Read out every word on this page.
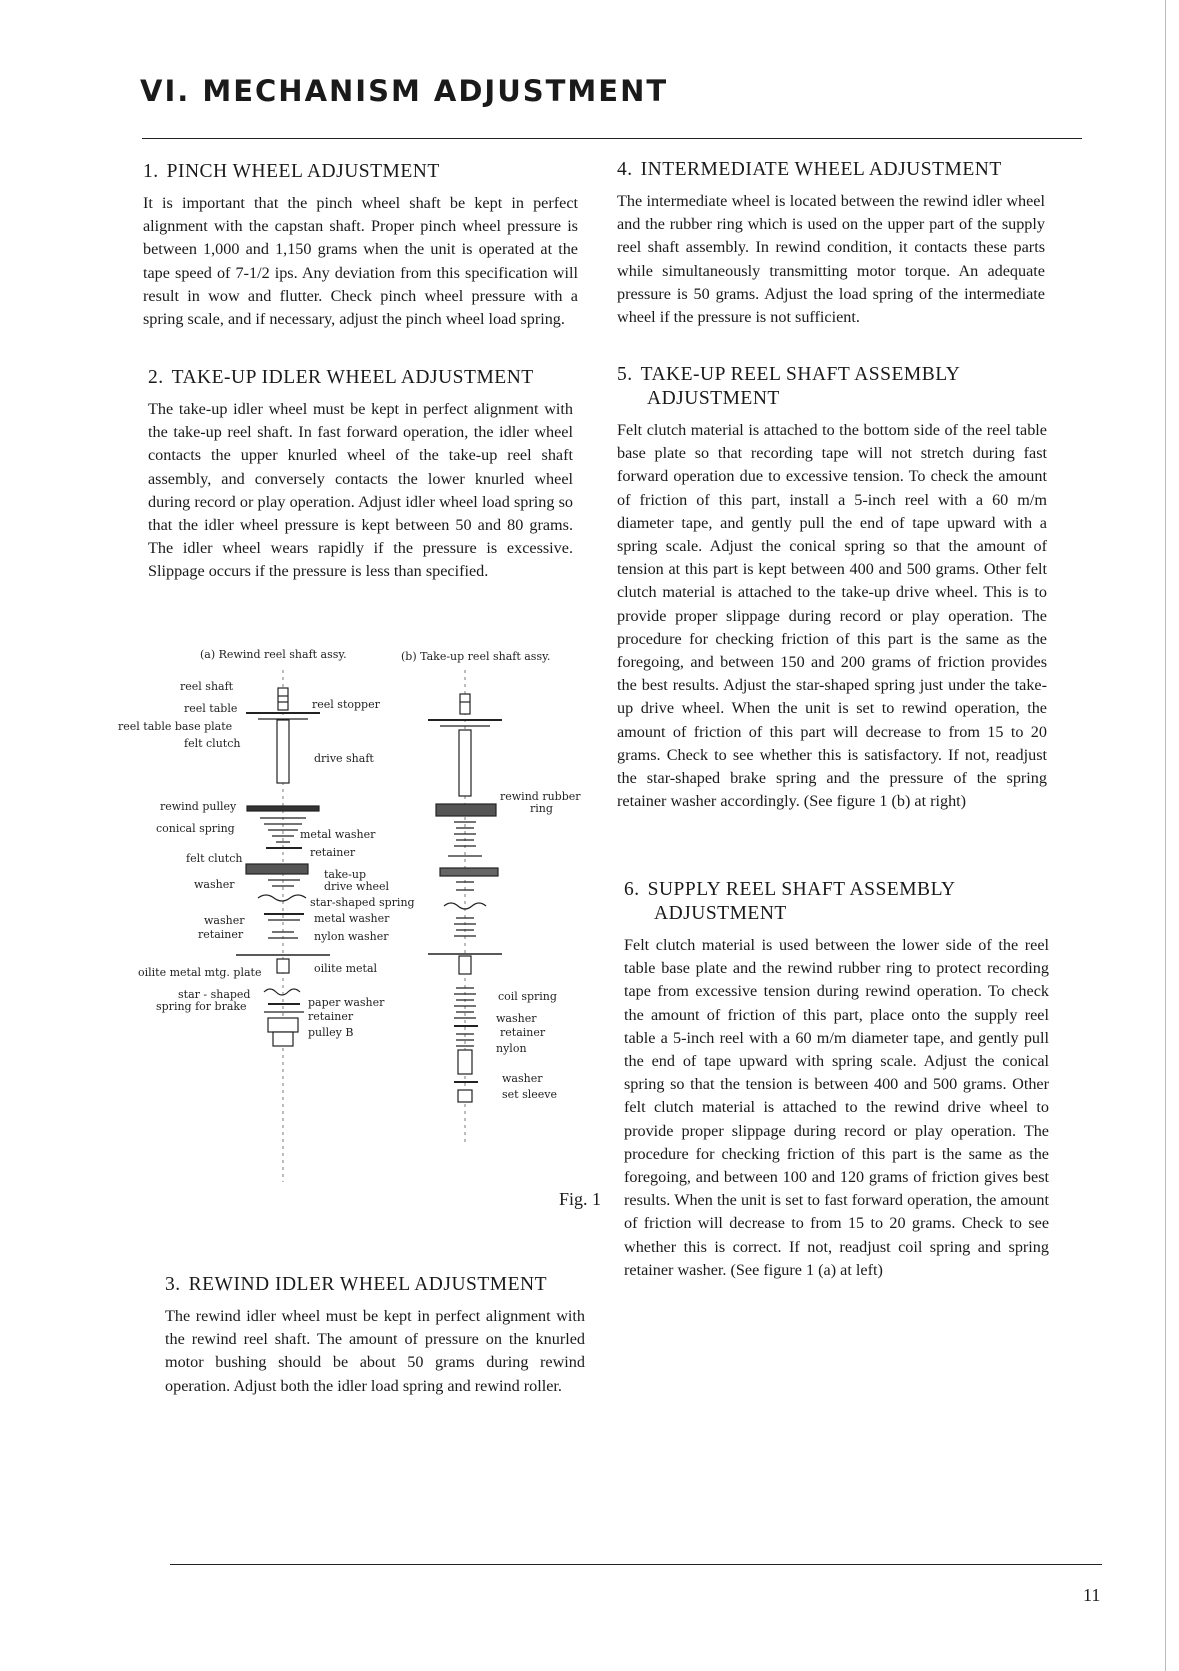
VI. MECHANISM ADJUSTMENT
1. PINCH WHEEL ADJUSTMENT

It is important that the pinch wheel shaft be kept in perfect alignment with the capstan shaft. Proper pinch wheel pressure is between 1,000 and 1,150 grams when the unit is operated at the tape speed of 7-1/2 ips. Any deviation from this specification will result in wow and flutter. Check pinch wheel pressure with a spring scale, and if necessary, adjust the pinch wheel load spring.

2. TAKE-UP IDLER WHEEL ADJUSTMENT

The take-up idler wheel must be kept in perfect alignment with the take-up reel shaft. In fast forward operation, the idler wheel contacts the upper knurled wheel of the take-up reel shaft assembly, and conversely contacts the lower knurled wheel during record or play operation. Adjust idler wheel load spring so that the idler wheel pressure is kept between 50 and 80 grams. The idler wheel wears rapidly if the pressure is excessive. Slippage occurs if the pressure is less than specified.

3. REWIND IDLER WHEEL ADJUSTMENT

The rewind idler wheel must be kept in perfect alignment with the rewind reel shaft. The amount of pressure on the knurled motor bushing should be about 50 grams during rewind operation. Adjust both the idler load spring and rewind roller.

4. INTERMEDIATE WHEEL ADJUSTMENT

The intermediate wheel is located between the rewind idler wheel and the rubber ring which is used on the upper part of the supply reel shaft assembly. In rewind condition, it contacts these parts while simultaneously transmitting motor torque. An adequate pressure is 50 grams. Adjust the load spring of the intermediate wheel if the pressure is not sufficient.

5. TAKE-UP REEL SHAFT ASSEMBLY ADJUSTMENT

Felt clutch material is attached to the bottom side of the reel table base plate so that recording tape will not stretch during fast forward operation due to excessive tension. To check the amount of friction of this part, install a 5-inch reel with a 60 m/m diameter tape, and gently pull the end of tape upward with a spring scale. Adjust the conical spring so that the amount of tension at this part is kept between 400 and 500 grams. Other felt clutch material is attached to the take-up drive wheel. This is to provide proper slippage during record or play operation. The procedure for checking friction of this part is the same as the foregoing, and between 150 and 200 grams of friction provides the best results. Adjust the star-shaped spring just under the take-up drive wheel. When the unit is set to rewind operation, the amount of friction of this part will decrease to from 15 to 20 grams. Check to see whether this is satisfactory. If not, readjust the star-shaped brake spring and the pressure of the spring retainer washer accordingly. (See figure 1 (b) at right)

6. SUPPLY REEL SHAFT ASSEMBLY ADJUSTMENT

Felt clutch material is used between the lower side of the reel table base plate and the rewind rubber ring to protect recording tape from excessive tension during rewind operation. To check the amount of friction of this part, place onto the supply reel table a 5-inch reel with a 60 m/m diameter tape, and gently pull the end of tape upward with spring scale. Adjust the conical spring so that the tension is between 400 and 500 grams. Other felt clutch material is attached to the rewind drive wheel to provide proper slippage during record or play operation. The procedure for checking friction of this part is the same as the foregoing, and between 100 and 120 grams of friction gives best results. When the unit is set to fast forward operation, the amount of friction will decrease to from 15 to 20 grams. Check to see whether this is correct. If not, readjust coil spring and spring retainer washer. (See figure 1 (a) at left)

(a) Rewind reel shaft assy.	(b) Take-up reel shaft assy.
reel shaft
reel table	reel stopper
reel table base plate
felt clutch
drive shaft
rewind pulley
conical spring	metal washer
retainer
felt clutch
take-up
drive wheel
washer
star-shaped spring
washer	metal washer
retainer	nylon washer
oilite metal mtg. plate	oilite metal
star - shaped
spring for brake	paper washer
retainer
pulley B
rewind rubber
ring
coil spring
washer
retainer
nylon
washer
set sleeve

Fig. 1

11
